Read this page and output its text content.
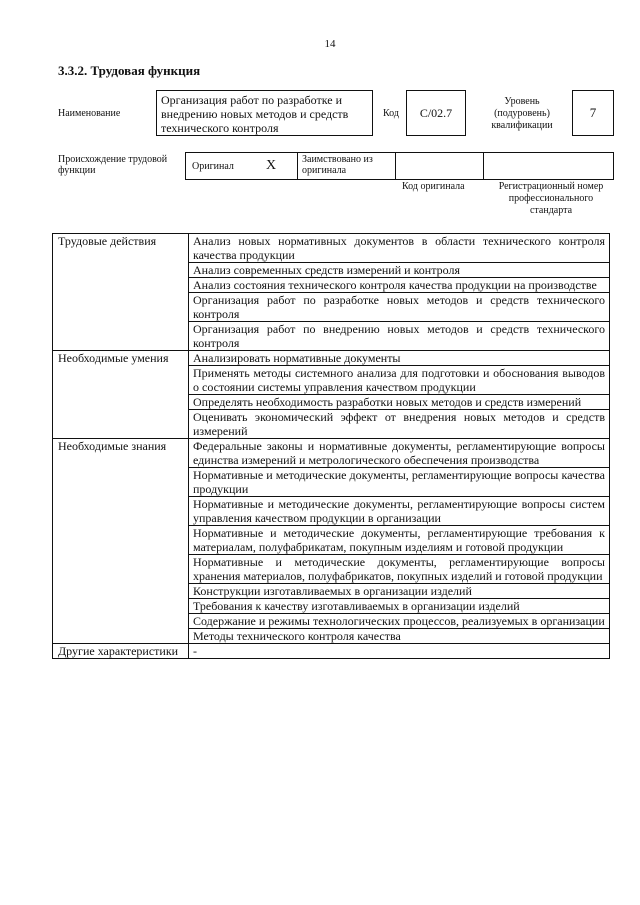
14
3.3.2. Трудовая функция
Наименование
Организация работ по разработке и внедрению новых методов и средств технического контроля
Код	С/02.7
Уровень (подуровень) квалификации
7
Происхождение трудовой функции	Оригинал X	Заимствовано из оригинала
Код оригинала	Регистрационный номер профессионального стандарта
Трудовые действия	Анализ новых нормативных документов в области технического контроля качества продукции
	Анализ современных средств измерений и контроля
	Анализ состояния технического контроля качества продукции на производстве
	Организация работ по разработке новых методов и средств технического контроля
	Организация работ по внедрению новых методов и средств технического контроля
Необходимые умения	Анализировать нормативные документы
	Применять методы системного анализа для подготовки и обоснования выводов о состоянии системы управления качеством продукции
	Определять необходимость разработки новых методов и средств измерений
	Оценивать экономический эффект от внедрения новых методов и средств измерений
Необходимые знания	Федеральные законы и нормативные документы, регламентирующие вопросы единства измерений и метрологического обеспечения производства
	Нормативные и методические документы, регламентирующие вопросы качества продукции
	Нормативные и методические документы, регламентирующие вопросы систем управления качеством продукции в организации
	Нормативные и методические документы, регламентирующие требования к материалам, полуфабрикатам, покупным изделиям и готовой продукции
	Нормативные и методические документы, регламентирующие вопросы хранения материалов, полуфабрикатов, покупных изделий и готовой продукции
	Конструкции изготавливаемых в организации изделий
	Требования к качеству изготавливаемых в организации изделий
	Содержание и режимы технологических процессов, реализуемых в организации
	Методы технического контроля качества
Другие характеристики	-
